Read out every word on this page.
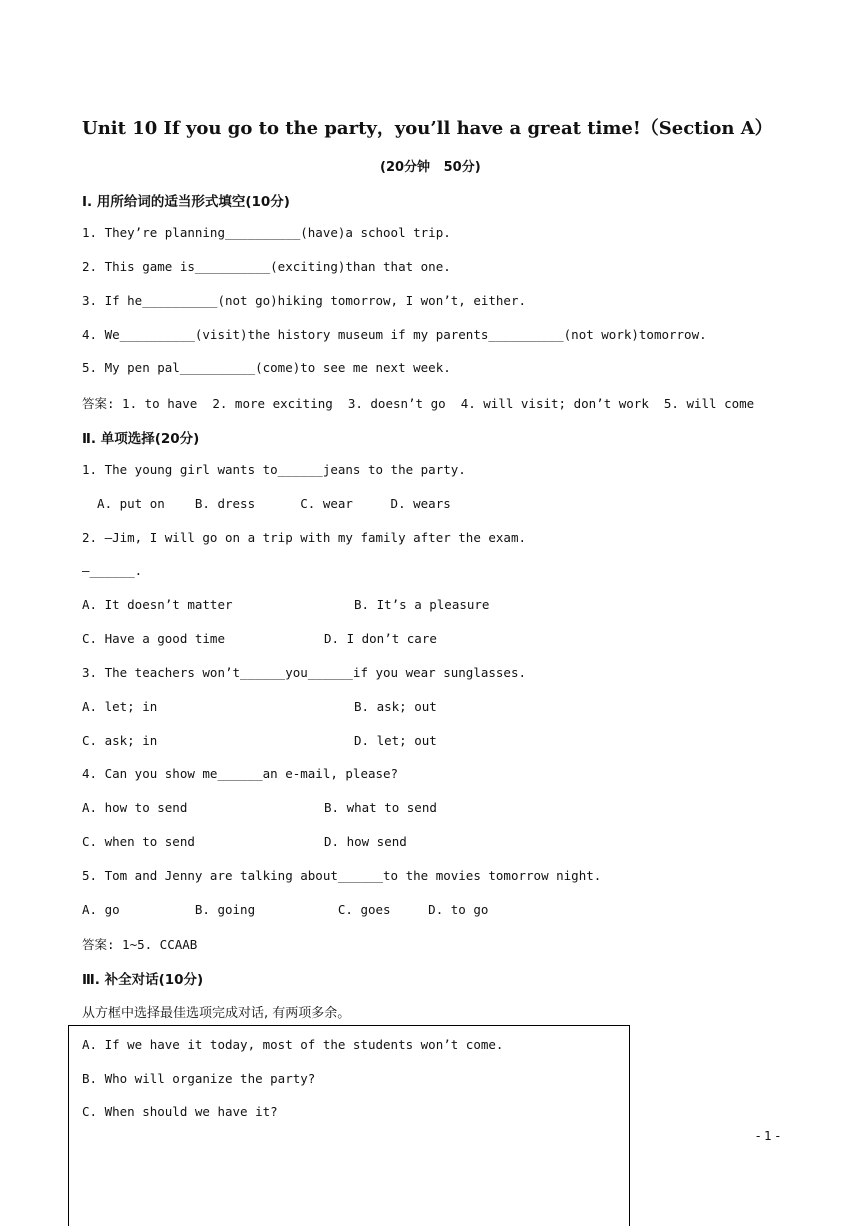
Unit 10 If you go to the party，you’ll have a great time!（Section A）
(20分钟   50分)
Ⅰ. 用所给词的适当形式填空(10分)
1. They’re planning__________(have)a school trip.
2. This game is__________(exciting)than that one.
3. If he__________(not go)hiking tomorrow, I won’t, either.
4. We__________(visit)the history museum if my parents__________(not work)tomorrow.
5. My pen pal__________(come)to see me next week.
答案: 1. to have  2. more exciting  3. doesn’t go  4. will visit; don’t work  5. will come
Ⅱ. 单项选择(20分)
1. The young girl wants to______jeans to the party.
A. put on    B. dress      C. wear     D. wears
2. —Jim, I will go on a trip with my family after the exam.
—______.
A. It doesn’t matter	B. It’s a pleasure
C. Have a good time	D. I don’t care
3. The teachers won’t______you______if you wear sunglasses.
A. let; in	B. ask; out
C. ask; in	D. let; out
4. Can you show me______an e-mail, please?
A. how to send	B. what to send
C. when to send	D. how send
5. Tom and Jenny are talking about______to the movies tomorrow night.
A. go          B. going           C. goes     D. to go
答案: 1~5. CCAAB
Ⅲ. 补全对话(10分)
从方框中选择最佳选项完成对话, 有两项多余。
A. If we have it today, most of the students won’t come.
B. Who will organize the party?
C. When should we have it?
- 1 -
